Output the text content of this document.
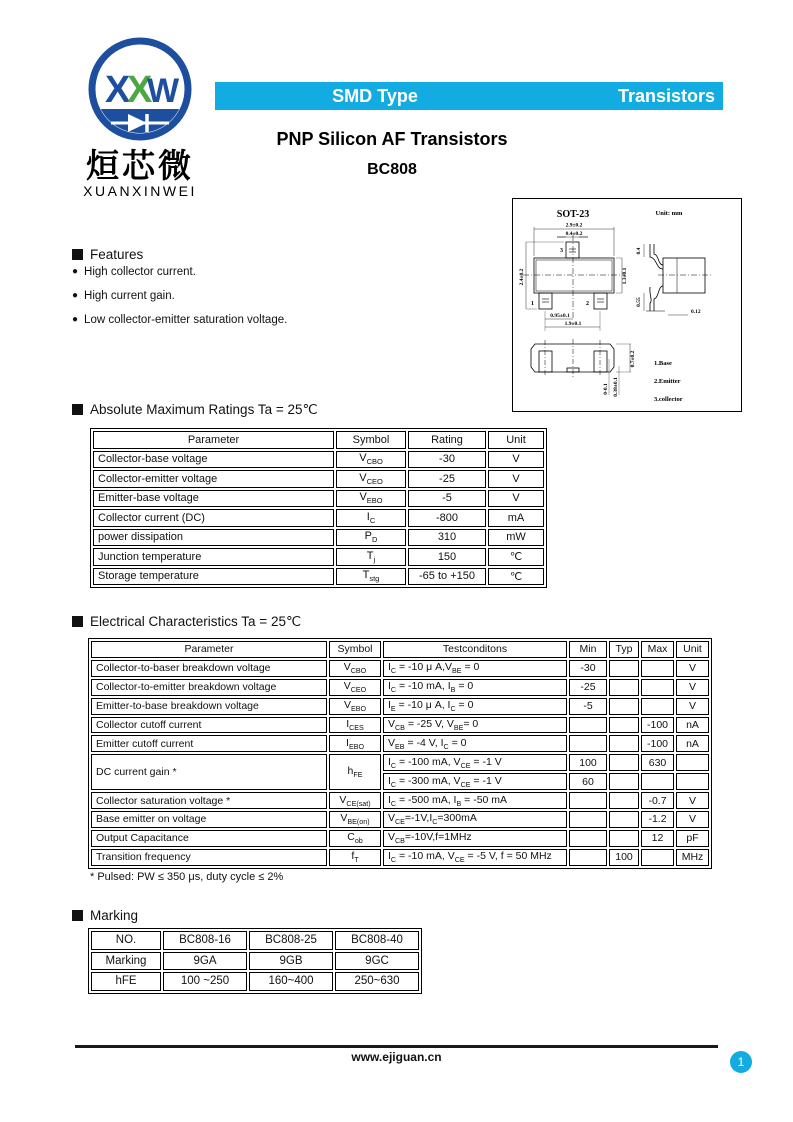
X
X
W
烜芯微
XUANXINWEI
SMD Type	Transistors
PNP Silicon AF Transistors
BC808
Features
● High collector current.
● High current gain.
● Low collector-emitter saturation voltage.
SOT-23	Unit: mm
2.9±0.2
0.4±0.2
2.4±0.2	1.3±0.1
0.95±0.1
1.9±0.1
3
1	2
0.4
0.55
0.12
0.7±0.2
0-0.1 0.38±0.1
1.Base
2.Emitter
3.collector
Absolute Maximum Ratings Ta = 25℃
Parameter	Symbol	Rating	Unit
Collector-base voltage	$V_{CBO}$	-30	V
Collector-emitter voltage	$V_{CEO}$	-25	V
Emitter-base voltage	$V_{EBO}$	-5	V
Collector current (DC)	$I_C$	-800	mA
power dissipation	$P_D$	310	mW
Junction temperature	$T_j$	150	℃
Storage temperature	$T_{stg}$	-65 to +150	℃
Electrical Characteristics Ta = 25℃
Parameter	Symbol	Testconditons	Min	Typ	Max	Unit
Collector-to-baser breakdown voltage	$V_{CBO}$	$I_C = -10$ μ $A,V_{BE} = 0$	-30			V
Collector-to-emitter breakdown voltage	$V_{CEO}$	$I_C = -10$ mA, $I_B = 0$	-25			V
Emitter-to-base breakdown voltage	$V_{EBO}$	$I_E = -10$ μ A, $I_C = 0$	-5			V
Collector cutoff current	$I_{CES}$	$V_{CB} = -25$ V, $V_{BE}= 0$			-100	nA
Emitter cutoff current	$I_{EBO}$	$V_{EB} = -4$ V, $I_C = 0$			-100	nA
DC current gain *	$h_{FE}$	$I_C = -100$ mA, $V_{CE} = -1$ V	100		630	
		$I_C = -300$ mA, $V_{CE} = -1$ V	60			
Collector saturation voltage *	$V_{CE(sat)}$	$I_C = -500$ mA, $I_B = -50$ mA			-0.7	V
Base emitter on voltage	$V_{BE(on)}$	$V_{CE}=-1V,I_C=300mA$			-1.2	V
Output Capacitance	$C_{ob}$	$V_{CB}=-10V,f=1MHz$			12	pF
Transition frequency	$f_T$	$I_C = -10$ mA, $V_{CE} = -5$ V, f = 50 MHz		100		MHz
* Pulsed: PW ≤ 350 μs, duty cycle ≤ 2%
Marking
NO.	BC808-16	BC808-25	BC808-40
Marking	9GA	9GB	9GC
hFE	100 ~250	160~400	250~630
www.ejiguan.cn	1
